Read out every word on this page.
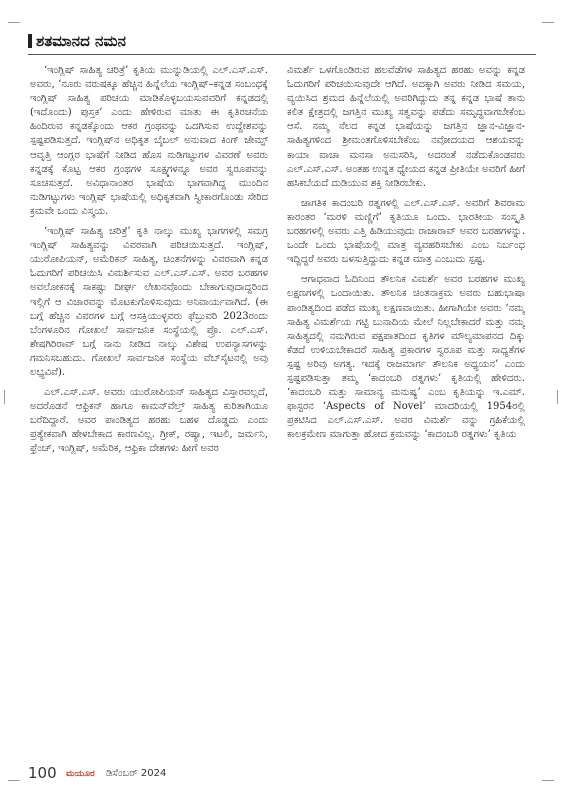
ಶತಮಾನದ ನಮನ

‘ಇಂಗ್ಲಿಷ್ ಸಾಹಿತ್ಯ ಚರಿತ್ರೆ’ ಕೃತಿಯ ಮುನ್ನುಡಿಯಲ್ಲಿ ಎಲ್.ಎಸ್.ಎಸ್. ಅವರು, ‘ನೂರು ವರುಷಕ್ಕೂ ಹೆಚ್ಚಿನ ಹಿನ್ನೆಲೆಯ ಇಂಗ್ಲಿಷ್–ಕನ್ನಡ ಸಂಬಂಧಕ್ಕೆ ಇಂಗ್ಲಿಷ್ ಸಾಹಿತ್ಯ ಪರಿಚಯ ಮಾಡಿಕೊಳ್ಳಬಯಸುವವರಿಗೆ ಕನ್ನಡದಲ್ಲಿ (ಇದೊಂದು) ಪುಸ್ತಕ’ ಎಂದು ಹೇಳಿರುವ ಮಾತು ಈ ಕೃತಿರಚನೆಯ ಹಿಂದಿರುವ ಕನ್ನಡಕ್ಕೊಂದು ಆಕರ ಗ್ರಂಥವನ್ನು ಒದಗಿಸುವ ಉದ್ದೇಶವನ್ನು ಸ್ಪಷ್ಟಪಡಿಸುತ್ತದೆ. ಇಂಗ್ಲಿಷ್‌ನ ಅಧಿಕೃತ ಬೈಬಲ್ ಅನುವಾದ ಕಿಂಗ್ ಜೇಮ್ಸ್ ಆವೃತ್ತಿ ಆಂಗ್ಲರ ಭಾಷೆಗೆ ನೀಡಿದ ಹೊಸ ನುಡಿಗಟ್ಟುಗಳ ವಿವರಣೆ ಅವರು ಕನ್ನಡಕ್ಕೆ ಕೊಟ್ಟ ಆಕರ ಗ್ರಂಥಗಳ ಸೂಕ್ಷ್ಮಗಳನ್ನೂ ಅವರ ಸ್ವರೂಪವನ್ನು ಸೂಚಿಸುತ್ತದೆ. ಅವಿಧಾನಾಂತರ ಭಾಷೆಯ ಭಾಗವಾಗಿದ್ದ ಮುಂದಿನ ನುಡಿಗಟ್ಟುಗಳು ಇಂಗ್ಲಿಷ್ ಭಾಷೆಯಲ್ಲಿ ಅಧಿಕೃತವಾಗಿ ಸ್ವೀಕಾರಗೊಂಡು ಸೇರಿದ ಕ್ರಮವೇ ಒಂದು ವಿಸ್ಮಯ.

‘ಇಂಗ್ಲಿಷ್ ಸಾಹಿತ್ಯ ಚರಿತ್ರೆ’ ಕೃತಿ ನಾಲ್ಕು ಮುಖ್ಯ ಭಾಗಗಳಲ್ಲಿ ಸಮಗ್ರ ಇಂಗ್ಲಿಷ್ ಸಾಹಿತ್ಯವನ್ನು ವಿವರವಾಗಿ ಪರಿಚಯಿಸುತ್ತದೆ. ಇಂಗ್ಲಿಷ್, ಯುರೋಪಿಯನ್, ಅಮೆರಿಕನ್ ಸಾಹಿತ್ಯ, ಚಿಂತನೆಗಳನ್ನು ವಿವರವಾಗಿ ಕನ್ನಡ ಓದುಗರಿಗೆ ಪರಿಚಯಿಸಿ ವಿಮರ್ಶಿಸುವ ಎಲ್.ಎಸ್.ಎಸ್. ಅವರ ಬರಹಗಳ ಅವಲೋಕನಕ್ಕೆ ಸಾಕಷ್ಟು ದೀರ್ಘ ಲೇಖನವೊಂದು ಬೇಕಾಗುವುದಾದ್ದರಿಂದ ಇಲ್ಲಿಗೆ ಆ ವಿಚಾರವನ್ನು ಮೊಟಕುಗೊಳಿಸುವುದು ಅನಿವಾರ್ಯವಾಗಿದೆ. (ಈ ಬಗ್ಗೆ ಹೆಚ್ಚಿನ ವಿವರಗಳ ಬಗ್ಗೆ ಆಸಕ್ತಿಯುಳ್ಳವರು ಫೆಬ್ರುವರಿ 2023ರಂದು ಬೆಂಗಳೂರಿನ ಗೋಖಲೆ ಸಾರ್ವಜನಿಕ ಸಂಸ್ಥೆಯಲ್ಲಿ ಪ್ರೊ. ಎಲ್.ಎಸ್. ಶೇಷಗಿರಿರಾವ್ ಬಗ್ಗೆ ನಾನು ನೀಡಿದ ನಾಲ್ಕು ವಿಶೇಷ ಉಪನ್ಯಾಸಗಳನ್ನು ಗಮನಿಸಬಹುದು. ಗೋಖಲೆ ಸಾರ್ವಜನಿಕ ಸಂಸ್ಥೆಯ ವೆಬ್‌ಸೈಟನಲ್ಲಿ ಅವು ಲಭ್ಯವಿವೆ).

ಎಲ್.ಎಸ್.ಎಸ್. ಅವರು ಯುರೋಪಿಯನ್ ಸಾಹಿತ್ಯದ ವಿಸ್ತಾರವಲ್ಲದೆ, ಅದರೊಡನೆ ಆಫ್ರಿಕನ್ ಹಾಗೂ ಕಾಮನ್‌ವೆಲ್ತ್ ಸಾಹಿತ್ಯ ಕುರಿತಾಗಿಯೂ ಬರೆದಿದ್ದಾರೆ. ಅವರ ಪಾಂಡಿತ್ಯದ ಹರಹು ಬಹಳ ದೊಡ್ಡದು ಎಂದು ಪ್ರತ್ಯೇಕವಾಗಿ ಹೇಳಬೇಕಾದ ಕಾರಣವಿಲ್ಲ. ಗ್ರೀಕ್, ರಷ್ಯಾ, ಇಟಲಿ, ಜರ್ಮನಿ, ಫ್ರೆಂಚ್, ಇಂಗ್ಲಿಷ್, ಅಮೆರಿಕ, ಆಫ್ರಿಕಾ ದೇಶಗಳು ಹೀಗೆ ಅವರ

ವಿಮರ್ಶೆ ಒಳಗೊಂಡಿರುವ ಹಲವೆಡೆಗಳ ಸಾಹಿತ್ಯದ ಹರಹು ಅವನ್ನು ಕನ್ನಡ ಓದುಗರಿಗೆ ಪರಿಚಯಿಸುವುದೇ ಆಗಿದೆ. ಅದಕ್ಕಾಗಿ ಅವರು ನೀಡಿದ ಸಮಯ, ವ್ಯಯಿಸಿದ ಶ್ರಮದ ಹಿನ್ನೆಲೆಯಲ್ಲಿ ಅವರಿಗಿದ್ದುದು ತನ್ನ ಕನ್ನಡ ಭಾಷೆ ತಾನು ಕಲಿತ ಕ್ಷೇತ್ರದಲ್ಲಿ ಜಗತ್ತಿನ ಮುಖ್ಯ ಸತ್ವವನ್ನು ಪಡೆದು ಸಮೃದ್ಧವಾಗಬೇಕೆಂಬ ಆಸೆ. ನಮ್ಮ ನೆಲದ ಕನ್ನಡ ಭಾಷೆಯನ್ನು ಜಗತ್ತಿನ ಜ್ಞಾನ-ವಿಜ್ಞಾನ-ಸಾಹಿತ್ಯಗಳಿಂದ ಶ್ರೀಮಂತಗೊಳಿಸಬೇಕೆಂಬ ನವೋದಯದ ಆಶಯವನ್ನು ಕಾಯಾ ವಾಚಾ ಮನಸಾ ಅನುಸರಿಸಿ, ಅದರಂತೆ ನಡೆದುಕೊಂಡವರು ಎಲ್.ಎಸ್.ಎಸ್. ಅಂತಹ ಉನ್ನತ ಧ್ಯೇಯದ ಕನ್ನಡ ಪ್ರೀತಿಯೇ ಅವರಿಗೆ ಹೀಗೆ ಹಸಿಕಬೆಯದೆ ದುಡಿಯುವ ಶಕ್ತಿ ನೀಡಿರಬೇಕು.

ಜಾಗತಿಕ ಕಾದಂಬರಿ ರತ್ನಗಳಲ್ಲಿ ಎಲ್.ಎಸ್.ಎಸ್. ಅವರಿಗೆ ಶಿವರಾಮ ಕಾರಂತರ ‘ಮರಳಿ ಮಣ್ಣಿಗೆ’ ಕೃತಿಯೂ ಒಂದು. ಭಾರತೀಯ ಸಂಸ್ಕೃತಿ ಬರಹಗಳಲ್ಲಿ ಅವರು ಎತ್ತಿ ಹಿಡಿಯುವುದು ರಾಜಾರಾವ್ ಅವರ ಬರಹಗಳನ್ನು. ಒಂದೇ ಒಂದು ಭಾಷೆಯಲ್ಲಿ ಮಾತ್ರ ವ್ಯವಹರಿಸಬೇಕು ಎಂಬ ನಿರ್ಬಂಧ ಇದ್ದಿದ್ದರೆ ಅವರು ಬಳಸುತ್ತಿದ್ದುದು ಕನ್ನಡ ಮಾತ್ರ ಎಂಬುದು ಸ್ಪಷ್ಟ.

ಆಗಾಧವಾದ ಓದಿನಿಂದ ತೌಲನಿಕ ವಿಮರ್ಶೆ ಅವರ ಬರಹಗಳ ಮುಖ್ಯ ಲಕ್ಷಣಗಳಲ್ಲಿ ಒಂದಾಯಿತು. ತೌಲನಿಕ ಚಿಂತನಾಕ್ರಮ ಅವರು ಬಹುಭಾಷಾ ಪಾಂಡಿತ್ಯದಿಂದ ಪಡೆದ ಮುಖ್ಯ ಲಕ್ಷಣವಾಯಿತು. ಹೀಗಾಗಿಯೇ ಅವರು ‘ನಮ್ಮ ಸಾಹಿತ್ಯ ವಿಮರ್ಶೆಯ ಗಟ್ಟಿ ಬುನಾದಿಯ ಮೇಲೆ ನಿಲ್ಲಬೇಕಾದರೆ ಮತ್ತು ನಮ್ಮ ಸಾಹಿತ್ಯದಲ್ಲಿ ನಮಗಿರುವ ಪಕ್ಷಪಾತದಿಂದ ಕೃತಿಗಳ ಮೌಲ್ಯಮಾಪನದ ದಿಕ್ಕು ಕೆಡದೆ ಉಳಿಯಬೇಕಾದರೆ ಸಾಹಿತ್ಯ ಪ್ರಕಾರಗಳ ಸ್ವರೂಪ ಮತ್ತು ಸಾಧ್ಯತೆಗಳ ಸ್ಪಷ್ಟ ಅರಿವು ಅಗತ್ಯ. ಇದಕ್ಕೆ ರಾಜಮಾರ್ಗ ತೌಲನಿಕ ಅಧ್ಯಯನ’ ಎಂದು ಸ್ಪಷ್ಟಪಡಿಸುತ್ತಾ ತಮ್ಮ ‘ಕಾದಂಬರಿ ರತ್ನಗಳು’ ಕೃತಿಯಲ್ಲಿ ಹೇಳಿದರು. ‘ಕಾದಂಬರಿ ಮತ್ತು ಸಾಮಾನ್ಯ ಮನುಷ್ಯ’ ಎಂಬ ಕೃತಿಯನ್ನು ಇ.ಎಮ್. ಫಾಸ್ಟರನ ‘Aspects of Novel’ ಮಾದರಿಯಲ್ಲಿ 1954ರಲ್ಲಿ ಪ್ರಕಟಿಸಿದ ಎಲ್.ಎಸ್.ಎಸ್. ಅವರ ವಿಮರ್ಶೆ ವನ್ನು ಗ್ರಹಿಕೆಯಲ್ಲಿ ಕಾಲಕ್ರಮೇಣ ಮಾಗುತ್ತಾ ಹೋದ ಕ್ರಮವನ್ನು ‘ಕಾದಂಬರಿ ರತ್ನಗಳು’ ಕೃತಿಯ

100 ಮಯೂರ ಡಿಸೆಂಬರ್ 2024
